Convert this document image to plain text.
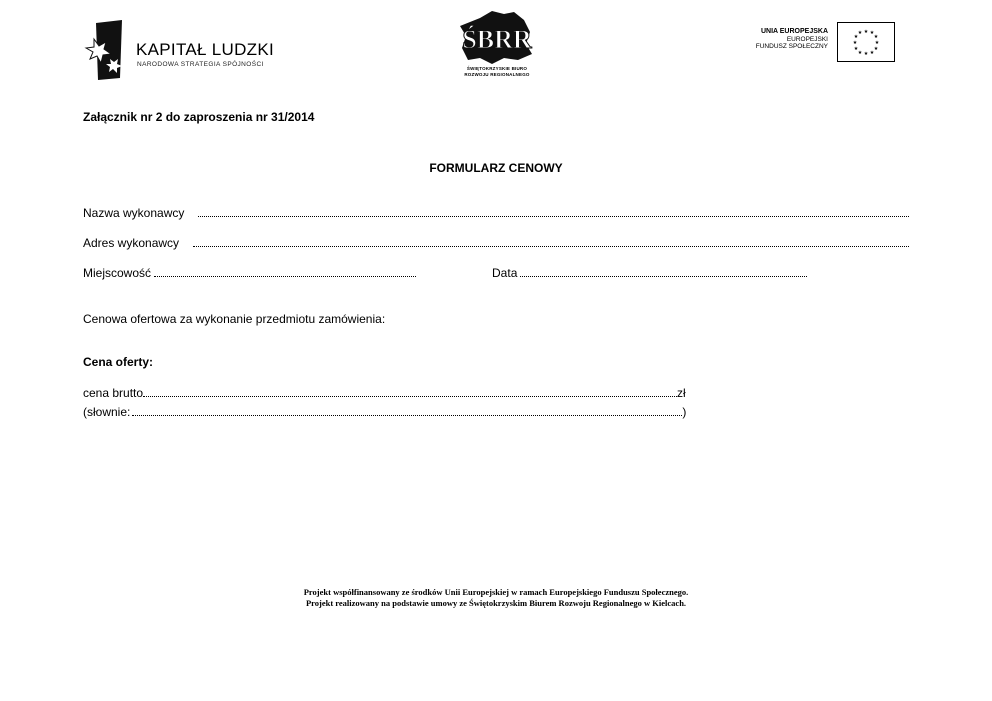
KAPITAŁ LUDZKI
NARODOWA STRATEGIA SPÓJNOŚCI
ŚBRR
ŚWIĘTOKRZYSKIE BIURO
ROZWOJU REGIONALNEGO
UNIA EUROPEJSKA
EUROPEJSKI
FUNDUSZ SPOŁECZNY
★ ★
★
★
★
★
★
★
★
★
★
★
Załącznik nr 2 do zaproszenia nr 31/2014
FORMULARZ CENOWY
Nazwa wykonawcy
Adres wykonawcy
Miejscowość	Data
Cenowa ofertowa za wykonanie przedmiotu zamówienia:
Cena oferty:
cena brutto	zł
(słownie:	)
Projekt współfinansowany ze środków Unii Europejskiej w ramach Europejskiego Funduszu Społecznego.
Projekt realizowany na podstawie umowy ze Świętokrzyskim Biurem Rozwoju Regionalnego w Kielcach.
